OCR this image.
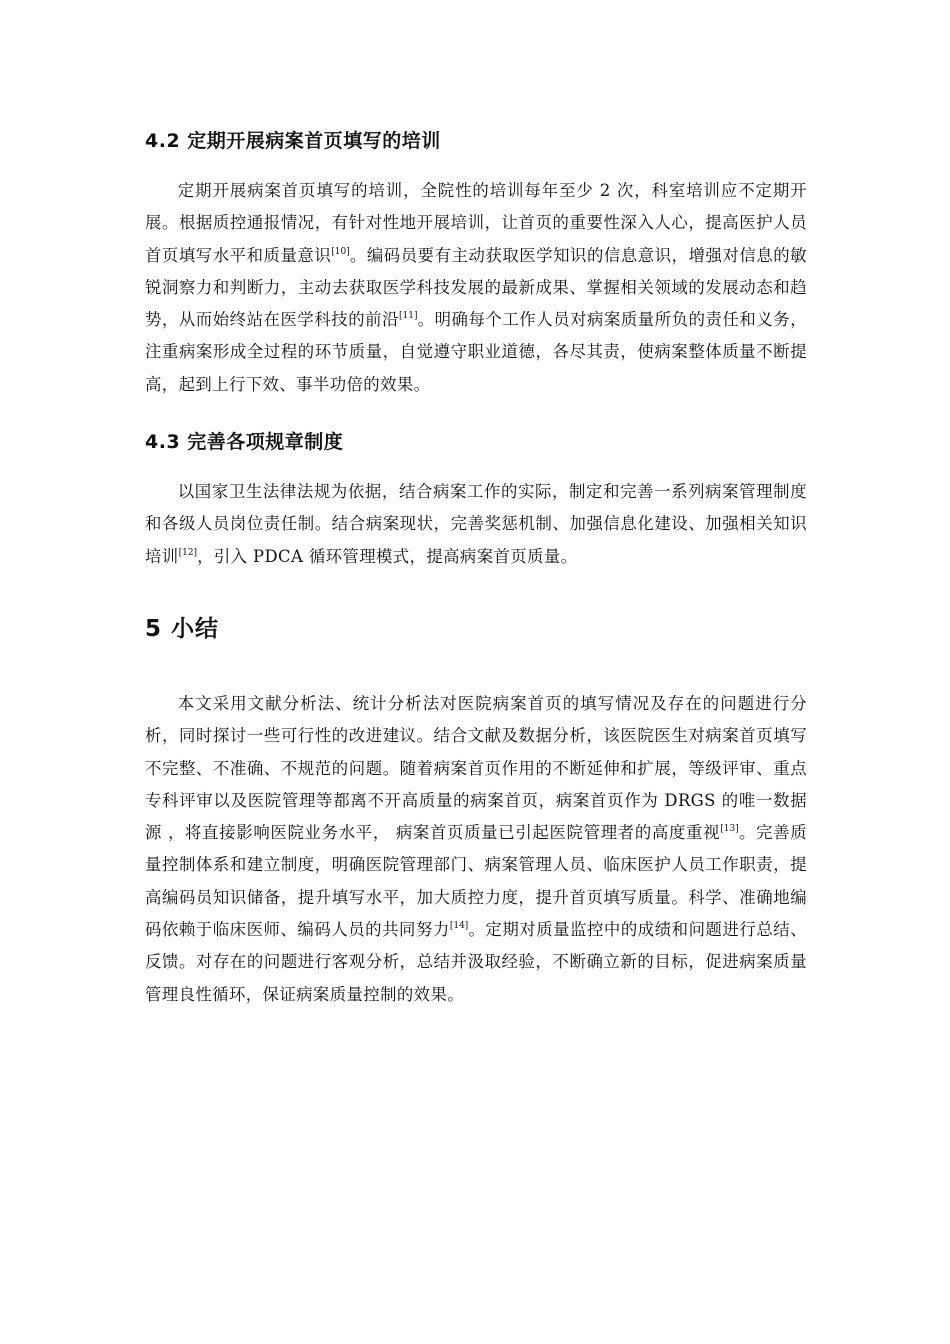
4.2 定期开展病案首页填写的培训

定期开展病案首页填写的培训，全院性的培训每年至少 2 次，科室培训应不定期开展。根据质控通报情况，有针对性地开展培训，让首页的重要性深入人心，提高医护人员首页填写水平和质量意识[10]。编码员要有主动获取医学知识的信息意识，增强对信息的敏锐洞察力和判断力，主动去获取医学科技发展的最新成果、掌握相关领域的发展动态和趋势，从而始终站在医学科技的前沿[11]。明确每个工作人员对病案质量所负的责任和义务，注重病案形成全过程的环节质量，自觉遵守职业道德，各尽其责，使病案整体质量不断提高，起到上行下效、事半功倍的效果。

4.3 完善各项规章制度

以国家卫生法律法规为依据，结合病案工作的实际，制定和完善一系列病案管理制度和各级人员岗位责任制。结合病案现状，完善奖惩机制、加强信息化建设、加强相关知识培训[12]，引入 PDCA 循环管理模式，提高病案首页质量。

5 小结

本文采用文献分析法、统计分析法对医院病案首页的填写情况及存在的问题进行分析，同时探讨一些可行性的改进建议。结合文献及数据分析，该医院医生对病案首页填写不完整、不准确、不规范的问题。随着病案首页作用的不断延伸和扩展，等级评审、重点专科评审以及医院管理等都离不开高质量的病案首页，病案首页作为 DRGS 的唯一数据源 ，将直接影响医院业务水平， 病案首页质量已引起医院管理者的高度重视[13]。完善质量控制体系和建立制度，明确医院管理部门、病案管理人员、临床医护人员工作职责，提高编码员知识储备，提升填写水平，加大质控力度，提升首页填写质量。科学、准确地编码依赖于临床医师、编码人员的共同努力[14]。定期对质量监控中的成绩和问题进行总结、反馈。对存在的问题进行客观分析，总结并汲取经验，不断确立新的目标，促进病案质量管理良性循环，保证病案质量控制的效果。
